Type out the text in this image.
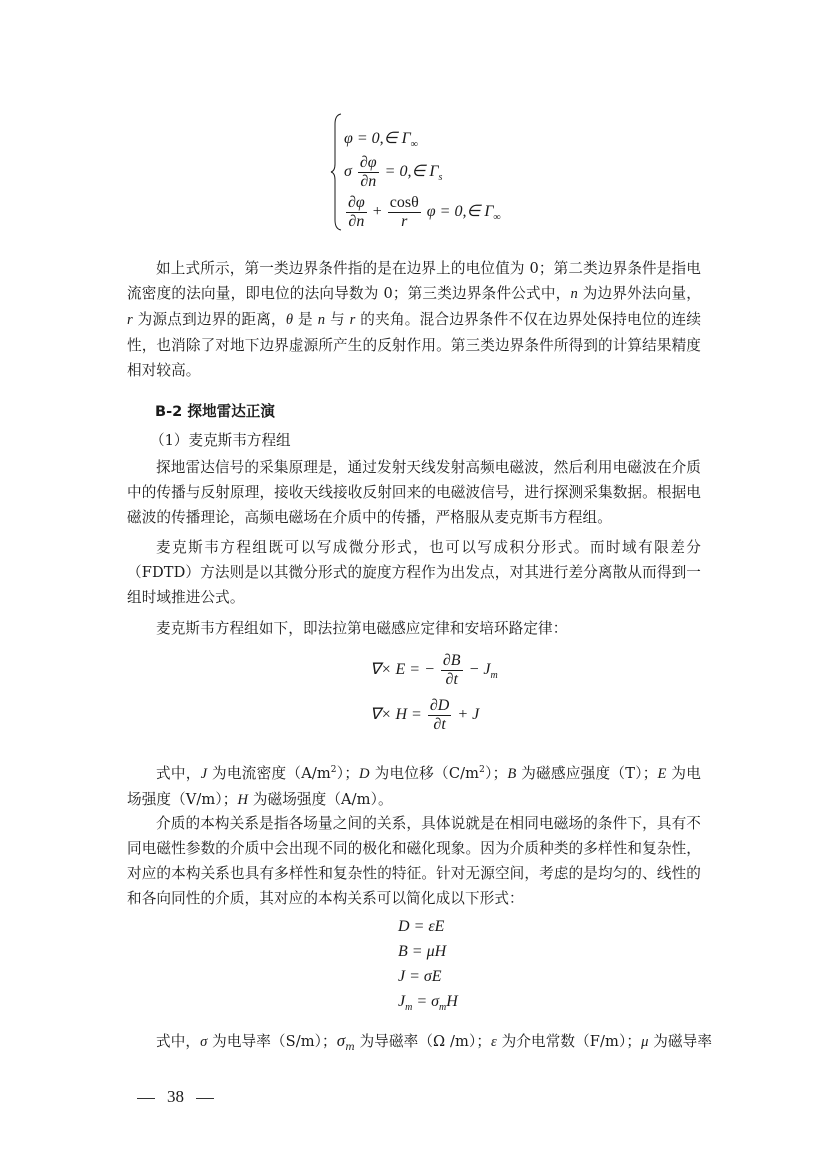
φ = 0,∈ $\Gamma_\infty$
σ $\frac{\partial\varphi}{\partial n}$ = 0,∈ $\Gamma_s$
$\frac{\partial\varphi}{\partial n} + \frac{\cos\theta}{r}$ φ = 0,∈ $\Gamma_\infty$
如上式所示，第一类边界条件指的是在边界上的电位值为 0；第二类边界条件是指电流密度的法向量，即电位的法向导数为 0；第三类边界条件公式中，n 为边界外法向量，r 为源点到边界的距离，θ 是 n 与 r 的夹角。混合边界条件不仅在边界处保持电位的连续性，也消除了对地下边界虚源所产生的反射作用。第三类边界条件所得到的计算结果精度相对较高。
B-2 探地雷达正演
（1）麦克斯韦方程组
探地雷达信号的采集原理是，通过发射天线发射高频电磁波，然后利用电磁波在介质中的传播与反射原理，接收天线接收反射回来的电磁波信号，进行探测采集数据。根据电磁波的传播理论，高频电磁场在介质中的传播，严格服从麦克斯韦方程组。
麦克斯韦方程组既可以写成微分形式，也可以写成积分形式。而时域有限差分（FDTD）方法则是以其微分形式的旋度方程作为出发点，对其进行差分离散从而得到一组时域推进公式。
麦克斯韦方程组如下，即法拉第电磁感应定律和安培环路定律：
∇× E = − $\frac{\partial B}{\partial t} - J_m$
∇× $H = \frac{\partial D}{\partial t} + J$
式中，J 为电流密度$(A/m^2)$；D 为电位移$(C/m^2)$；B 为磁感应强度（T）；E 为电场强度（V/m）；H 为磁场强度（A/m）。
介质的本构关系是指各场量之间的关系，具体说就是在相同电磁场的条件下，具有不同电磁性参数的介质中会出现不同的极化和磁化现象。因为介质种类的多样性和复杂性，对应的本构关系也具有多样性和复杂性的特征。针对无源空间，考虑的是均匀的、线性的和各向同性的介质，其对应的本构关系可以简化成以下形式：
D = εE
B = μH
J = σE
$J_m = \sigma_mH$
式中，σ 为电导率（S/m）；$\sigma_m$ 为导磁率（Ω /m）；ε 为介电常数（F/m）；μ 为磁导率
38
